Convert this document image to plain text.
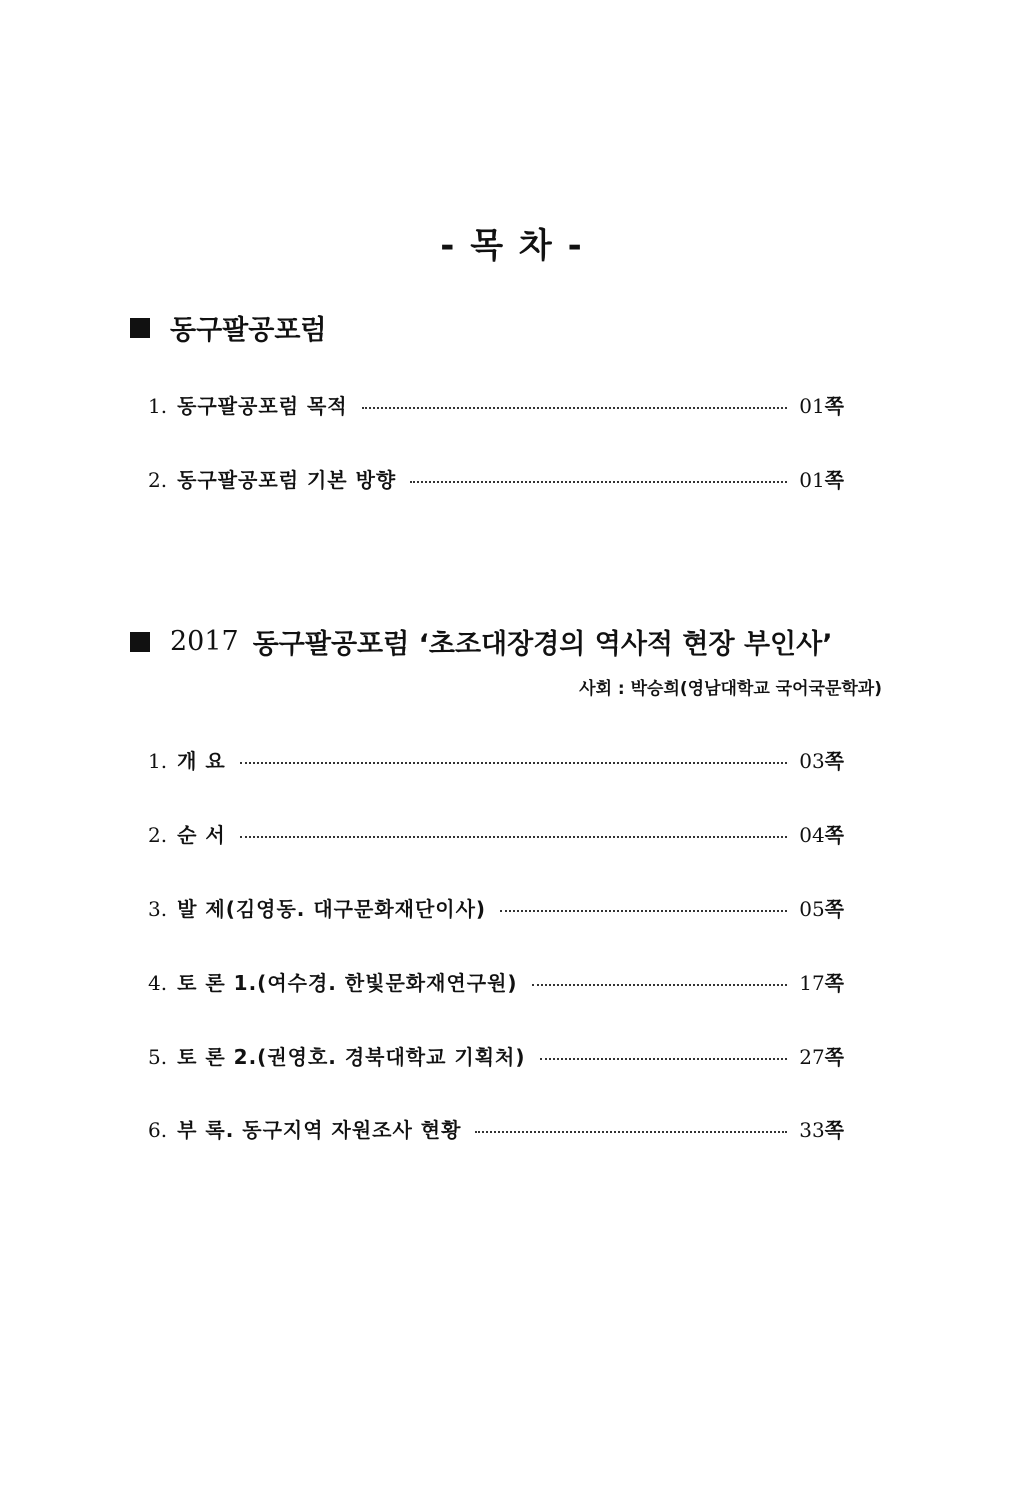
- 목 차 -
동구팔공포럼
1. 동구팔공포럼 목적	01쪽
2. 동구팔공포럼 기본 방향	01쪽
2017 동구팔공포럼 ‘초조대장경의 역사적 현장 부인사’
사회 : 박승희(영남대학교 국어국문학과)
1. 개 요	03쪽
2. 순 서	04쪽
3. 발 제(김영동. 대구문화재단이사)	05쪽
4. 토 론 1.(여수경. 한빛문화재연구원)	17쪽
5. 토 론 2.(권영호. 경북대학교 기획처)	27쪽
6. 부 록. 동구지역 자원조사 현황	33쪽
